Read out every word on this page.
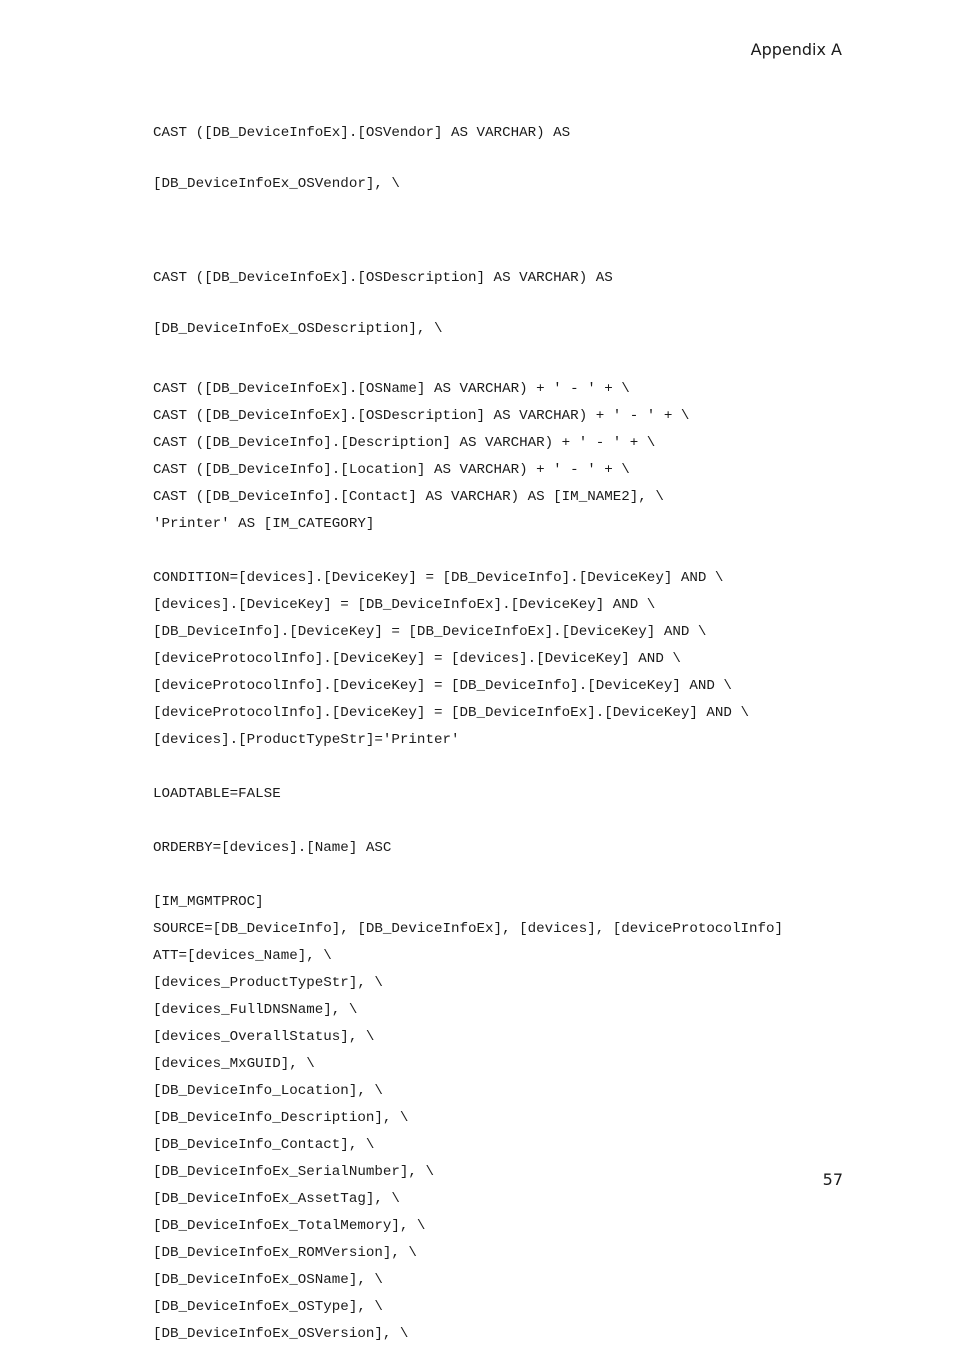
Appendix A

CAST ([DB_DeviceInfoEx].[OSVendor] AS VARCHAR) AS

[DB_DeviceInfoEx_OSVendor], \

CAST ([DB_DeviceInfoEx].[OSDescription] AS VARCHAR) AS

[DB_DeviceInfoEx_OSDescription], \

CAST ([DB_DeviceInfoEx].[OSName] AS VARCHAR) + ' - ' + \
CAST ([DB_DeviceInfoEx].[OSDescription] AS VARCHAR) + ' - ' + \
CAST ([DB_DeviceInfo].[Description] AS VARCHAR) + ' - ' + \
CAST ([DB_DeviceInfo].[Location] AS VARCHAR) + ' - ' + \
CAST ([DB_DeviceInfo].[Contact] AS VARCHAR) AS [IM_NAME2], \
'Printer' AS [IM_CATEGORY]
CONDITION=[devices].[DeviceKey] = [DB_DeviceInfo].[DeviceKey] AND \
[devices].[DeviceKey] = [DB_DeviceInfoEx].[DeviceKey] AND \
[DB_DeviceInfo].[DeviceKey] = [DB_DeviceInfoEx].[DeviceKey] AND \
[deviceProtocolInfo].[DeviceKey] = [devices].[DeviceKey] AND \
[deviceProtocolInfo].[DeviceKey] = [DB_DeviceInfo].[DeviceKey] AND \
[deviceProtocolInfo].[DeviceKey] = [DB_DeviceInfoEx].[DeviceKey] AND \
[devices].[ProductTypeStr]='Printer'
LOADTABLE=FALSE
ORDERBY=[devices].[Name] ASC
[IM_MGMTPROC]
SOURCE=[DB_DeviceInfo], [DB_DeviceInfoEx], [devices], [deviceProtocolInfo]
ATT=[devices_Name], \
[devices_ProductTypeStr], \
[devices_FullDNSName], \
[devices_OverallStatus], \
[devices_MxGUID], \
[DB_DeviceInfo_Location], \
[DB_DeviceInfo_Description], \
[DB_DeviceInfo_Contact], \
[DB_DeviceInfoEx_SerialNumber], \
[DB_DeviceInfoEx_AssetTag], \
[DB_DeviceInfoEx_TotalMemory], \
[DB_DeviceInfoEx_ROMVersion], \
[DB_DeviceInfoEx_OSName], \
[DB_DeviceInfoEx_OSType], \
[DB_DeviceInfoEx_OSVersion], \
57
